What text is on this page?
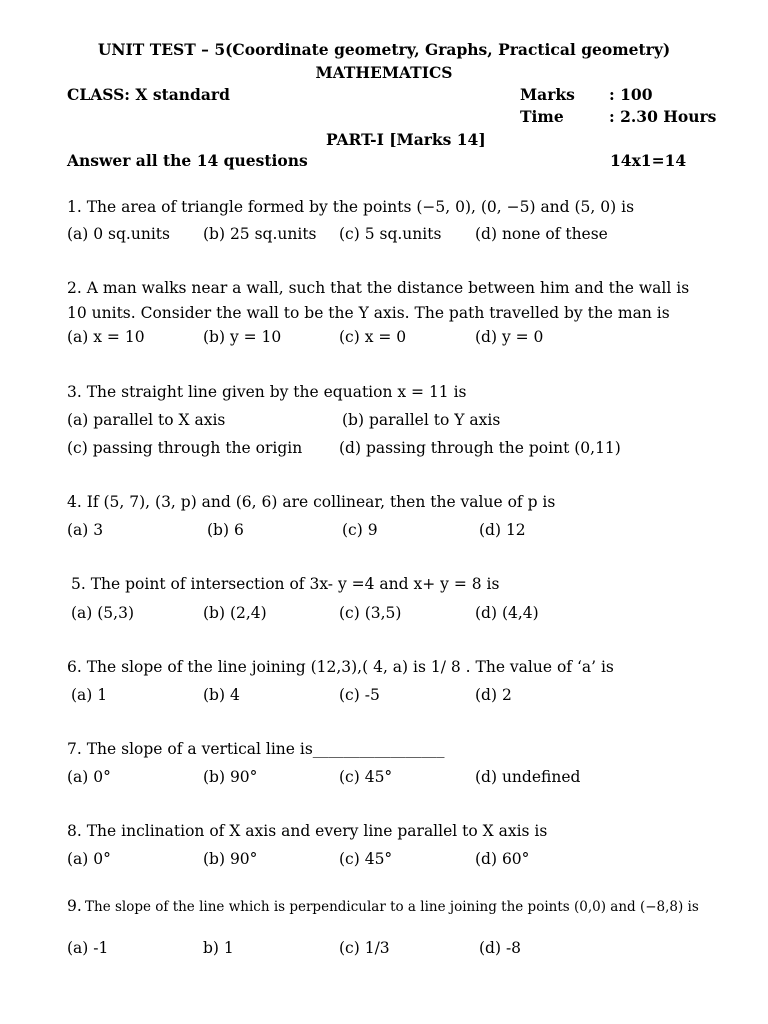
UNIT TEST – 5(Coordinate geometry, Graphs, Practical geometry)
MATHEMATICS
CLASS: X standard	Marks : 100
Time	: 2.30 Hours
PART-I [Marks 14]
Answer all the 14 questions	14x1=14
1. The area of triangle formed by the points (−5, 0), (0, −5) and (5, 0) is
(a) 0 sq.units (b) 25 sq.units (c) 5 sq.units (d) none of these
2. A man walks near a wall, such that the distance between him and the wall is
10 units. Consider the wall to be the Y axis. The path travelled by the man is
(a) x = 10	(b) y = 10	(c) x = 0	(d) y = 0
3. The straight line given by the equation x = 11 is
(a) parallel to X axis	(b) parallel to Y axis
(c) passing through the origin (d) passing through the point (0,11)
4. If (5, 7), (3, p) and (6, 6) are collinear, then the value of p is
(a) 3	(b) 6	(c) 9	(d) 12
5. The point of intersection of 3x- y =4 and x+ y = 8 is
(a) (5,3)	(b) (2,4)	(c) (3,5)	(d) (4,4)
6. The slope of the line joining (12,3),( 4, a) is 1/ 8 . The value of ‘a’ is
(a) 1	(b) 4	(c) -5	(d) 2
7. The slope of a vertical line is_________________
(a) 0°	(b) 90°	(c) 45°	(d) undefined
8. The inclination of X axis and every line parallel to X axis is
(a) 0°	(b) 90°	(c) 45°	(d) 60°
9. The slope of the line which is perpendicular to a line joining the points (0,0) and (−8,8) is
(a) -1	b) 1	(c) 1/3	(d) -8
